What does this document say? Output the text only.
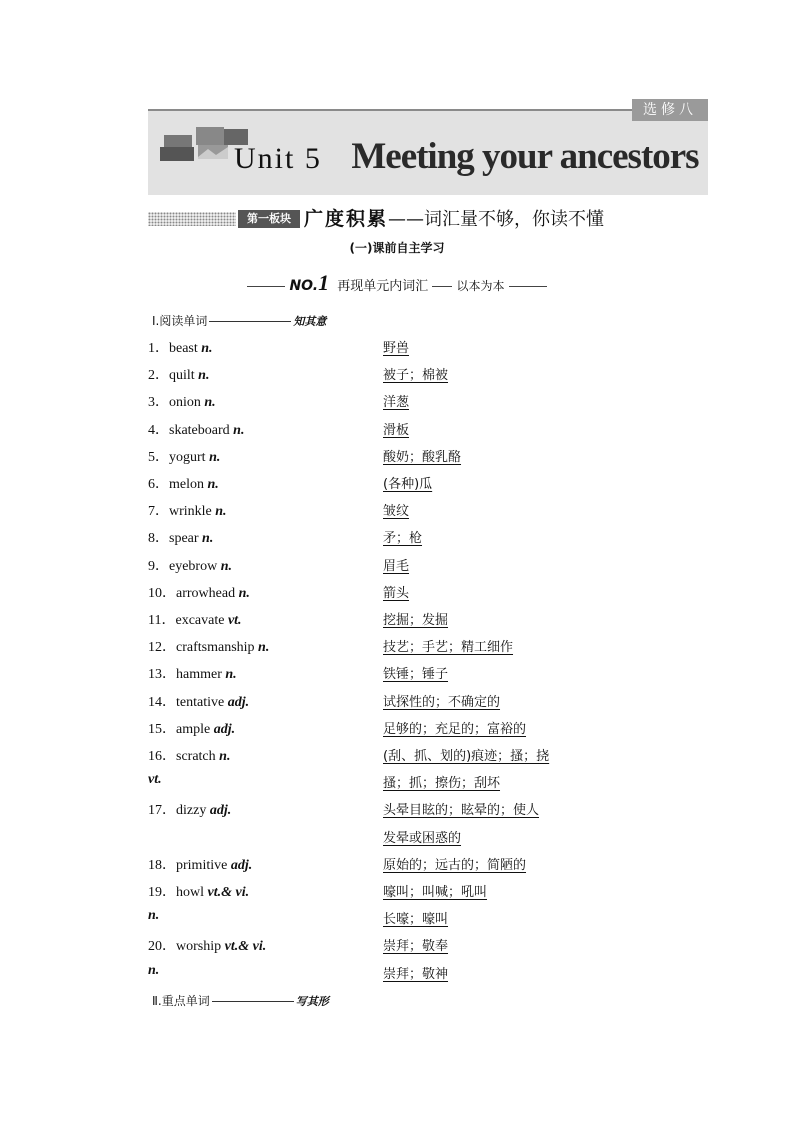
选修八
Unit 5 Meeting your ancestors
第一板块 广度积累——词汇量不够，你读不懂
(一)课前自主学习
NO.1 再现单元内词汇 以本为本
Ⅰ.阅读单词	知其意
1．beast n.	野兽
2．quilt n.	被子；棉被
3．onion n.	洋葱
4．skateboard n.	滑板
5．yogurt n.	酸奶；酸乳酪
6．melon n.	(各种)瓜
7．wrinkle n.	皱纹
8．spear n.	矛；枪
9．eyebrow n.	眉毛
10．arrowhead n.	箭头
11．excavate vt.	挖掘；发掘
12．craftsmanship n.	技艺；手艺；精工细作
13．hammer n.	铁锤；锤子
14．tentative adj.	试探性的；不确定的
15．ample adj.	足够的；充足的；富裕的
16．scratch n.	(刮、抓、划的)痕迹；搔；挠
vt.	搔；抓；擦伤；刮坏
17．dizzy adj.	头晕目眩的；眩晕的；使人
发晕或困惑的
18．primitive adj.	原始的；远古的；简陋的
19．howl vt.& vi.	嚎叫；叫喊；吼叫
n.	长嚎；嚎叫
20．worship vt.& vi.	崇拜；敬奉
n.	崇拜；敬神
Ⅱ.重点单词	写其形
